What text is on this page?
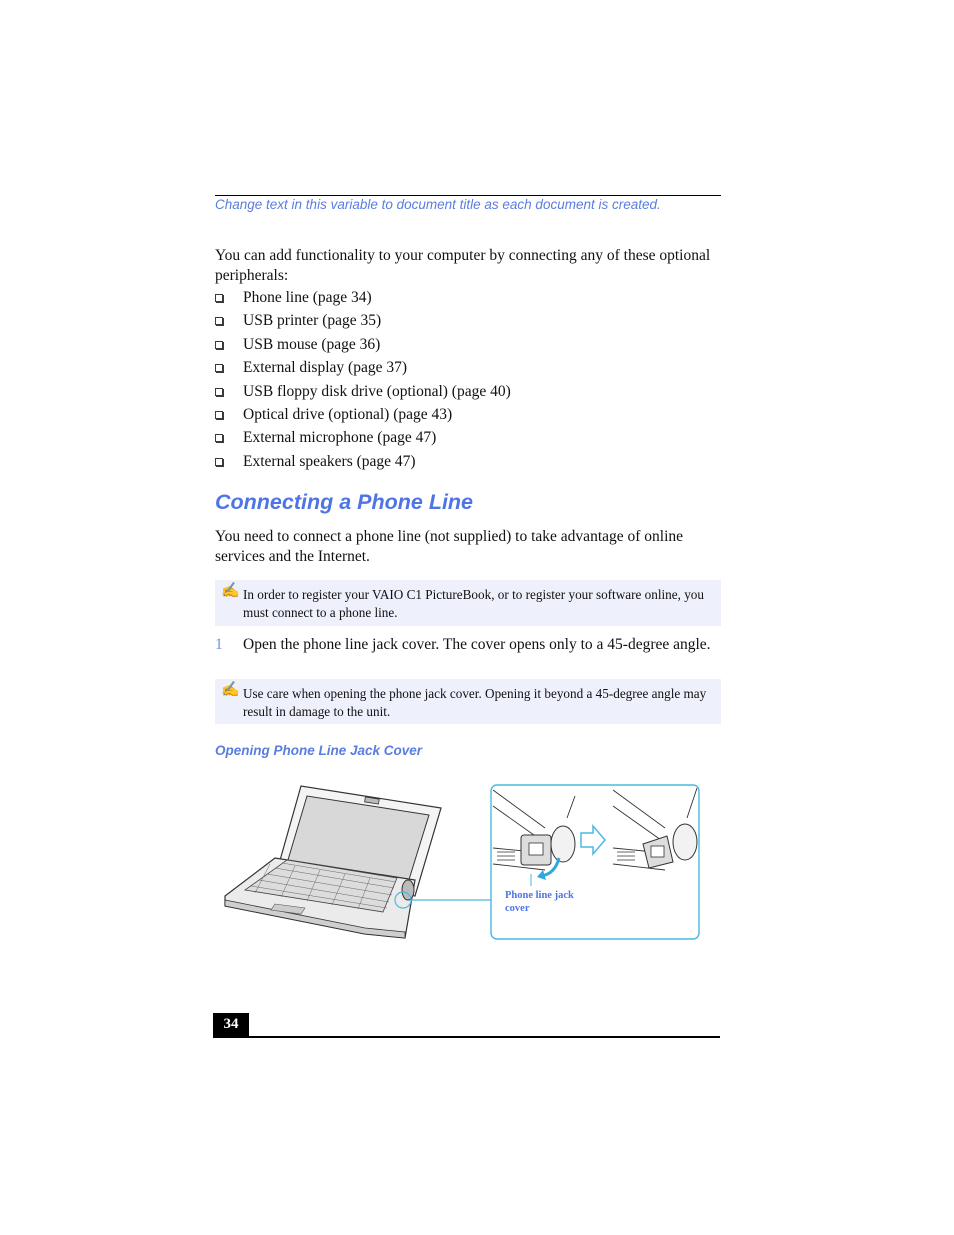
Change text in this variable to document title as each document is created.
You can add functionality to your computer by connecting any of these optional peripherals:
Phone line (page 34)
USB printer (page 35)
USB mouse (page 36)
External display (page 37)
USB floppy disk drive (optional) (page 40)
Optical drive (optional) (page 43)
External microphone (page 47)
External speakers (page 47)
Connecting a Phone Line
You need to connect a phone line (not supplied) to take advantage of online services and the Internet.
✍ In order to register your VAIO C1 PictureBook, or to register your software online, you must connect to a phone line.
1 Open the phone line jack cover. The cover opens only to a 45-degree angle.
✍ Use care when opening the phone jack cover. Opening it beyond a 45-degree angle may result in damage to the unit.
Opening Phone Line Jack Cover
Phone line jack cover
34
